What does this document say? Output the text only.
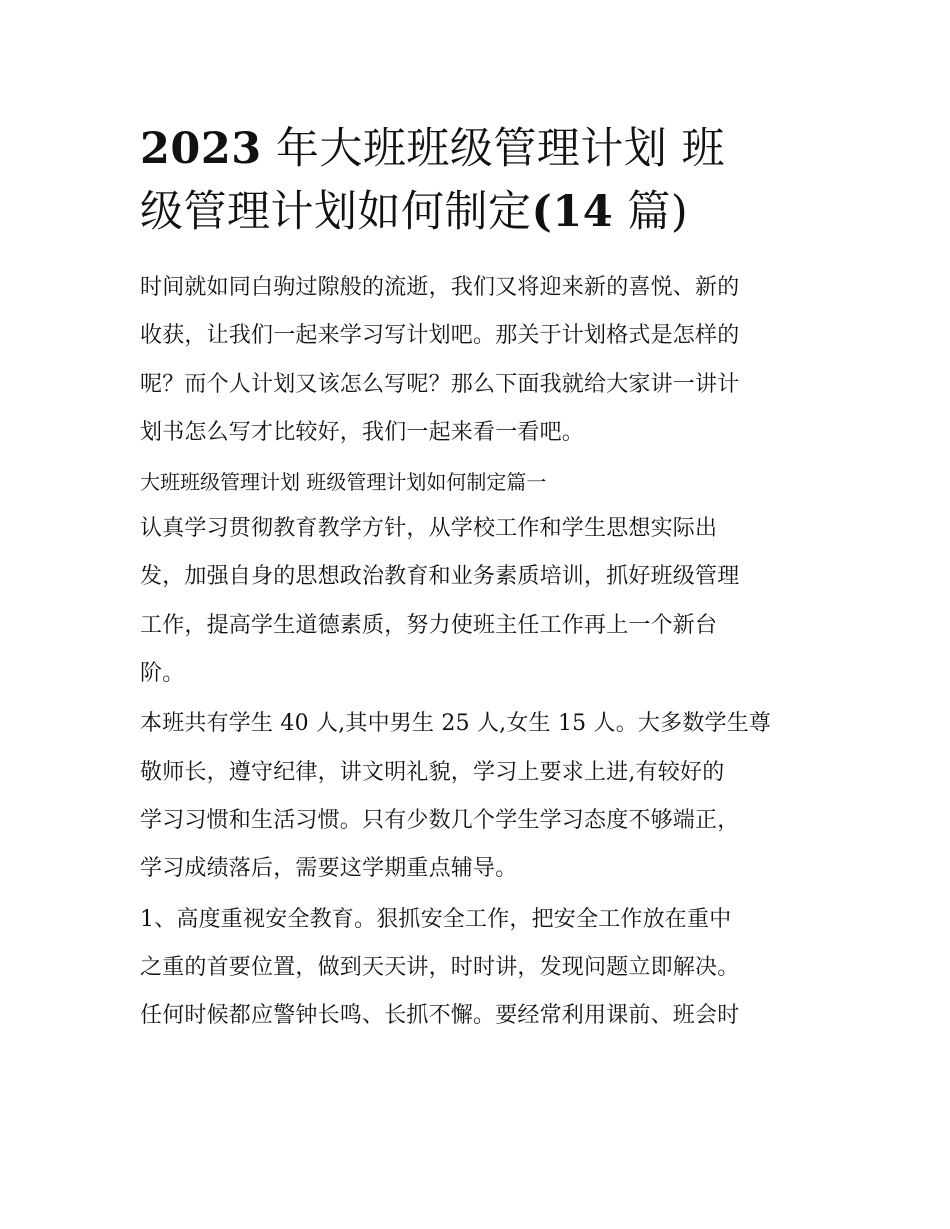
2023 年大班班级管理计划 班
级管理计划如何制定(14 篇)

时间就如同白驹过隙般的流逝，我们又将迎来新的喜悦、新的
收获，让我们一起来学习写计划吧。那关于计划格式是怎样的
呢？而个人计划又该怎么写呢？那么下面我就给大家讲一讲计
划书怎么写才比较好，我们一起来看一看吧。

大班班级管理计划 班级管理计划如何制定篇一

认真学习贯彻教育教学方针，从学校工作和学生思想实际出
发，加强自身的思想政治教育和业务素质培训，抓好班级管理
工作，提高学生道德素质，努力使班主任工作再上一个新台
阶。

本班共有学生 40 人,其中男生 25 人,女生 15 人。大多数学生尊
敬师长，遵守纪律，讲文明礼貌，学习上要求上进,有较好的
学习习惯和生活习惯。只有少数几个学生学习态度不够端正，
学习成绩落后，需要这学期重点辅导。

1、高度重视安全教育。狠抓安全工作，把安全工作放在重中
之重的首要位置，做到天天讲，时时讲，发现问题立即解决。
任何时候都应警钟长鸣、长抓不懈。要经常利用课前、班会时
